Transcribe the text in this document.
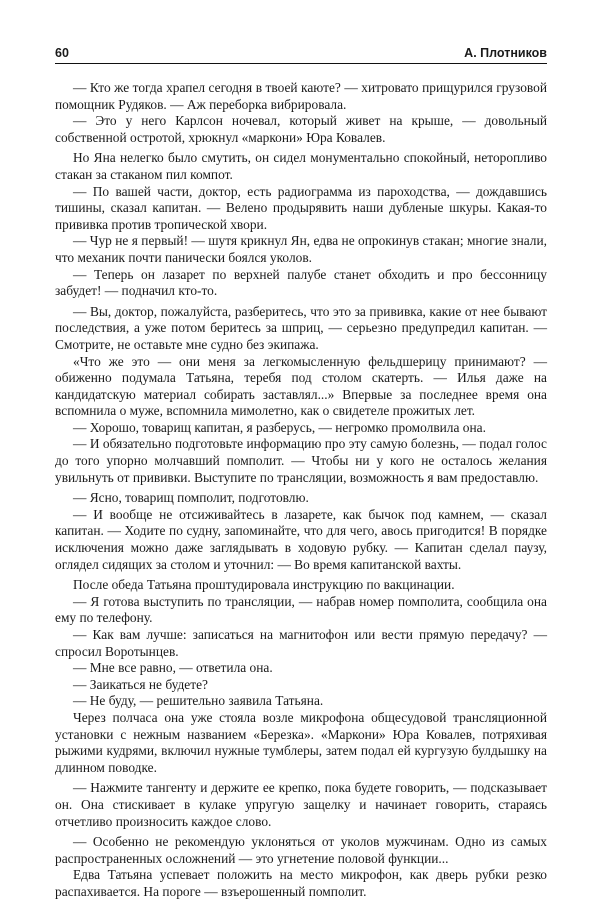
60	А. Плотников

— Кто же тогда храпел сегодня в твоей каюте? — хитровато прищурился грузовой помощник Рудяков. — Аж переборка вибрировала.

— Это у него Карлсон ночевал, который живет на крыше, — довольный собственной остротой, хрюкнул «маркони» Юра Ковалев.

Но Яна нелегко было смутить, он сидел монументально спокойный, неторопливо стакан за стаканом пил компот.

— По вашей части, доктор, есть радиограмма из пароходства, — дождавшись тишины, сказал капитан. — Велено продырявить наши дубленые шкуры. Какая-то прививка против тропической хвори.

— Чур не я первый! — шутя крикнул Ян, едва не опрокинув стакан; многие знали, что механик почти панически боялся уколов.

— Теперь он лазарет по верхней палубе станет обходить и про бессонницу забудет! — подначил кто-то.

— Вы, доктор, пожалуйста, разберитесь, что это за прививка, какие от нее бывают последствия, а уже потом беритесь за шприц, — серьезно предупредил капитан. — Смотрите, не оставьте мне судно без экипажа.

«Что же это — они меня за легкомысленную фельдшерицу принимают? — обиженно подумала Татьяна, теребя под столом скатерть. — Илья даже на кандидатскую материал собирать заставлял...» Впервые за последнее время она вспомнила о муже, вспомнила мимолетно, как о свидетеле прожитых лет.

— Хорошо, товарищ капитан, я разберусь, — негромко промолвила она.

— И обязательно подготовьте информацию про эту самую болезнь, — подал голос до того упорно молчавший помполит. — Чтобы ни у кого не осталось желания увильнуть от прививки. Выступите по трансляции, возможность я вам предоставлю.

— Ясно, товарищ помполит, подготовлю.

— И вообще не отсиживайтесь в лазарете, как бычок под камнем, — сказал капитан. — Ходите по судну, запоминайте, что для чего, авось пригодится! В порядке исключения можно даже заглядывать в ходовую рубку. — Капитан сделал паузу, оглядел сидящих за столом и уточнил: — Во время капитанской вахты.

После обеда Татьяна проштудировала инструкцию по вакцинации.

— Я готова выступить по трансляции, — набрав номер помполита, сообщила она ему по телефону.

— Как вам лучше: записаться на магнитофон или вести прямую передачу? — спросил Воротынцев.

— Мне все равно, — ответила она.

— Заикаться не будете?

— Не буду, — решительно заявила Татьяна.

Через полчаса она уже стояла возле микрофона общесудовой трансляционной установки с нежным названием «Березка». «Маркони» Юра Ковалев, потряхивая рыжими кудрями, включил нужные тумблеры, затем подал ей кургузую булдышку на длинном поводке.

— Нажмите тангенту и держите ее крепко, пока будете говорить, — подсказывает он. Она стискивает в кулаке упругую защелку и начинает говорить, стараясь отчетливо произносить каждое слово.

— Особенно не рекомендую уклоняться от уколов мужчинам. Одно из самых распространенных осложнений — это угнетение половой функции...

Едва Татьяна успевает положить на место микрофон, как дверь рубки резко распахивается. На пороге — взъерошенный помполит.
